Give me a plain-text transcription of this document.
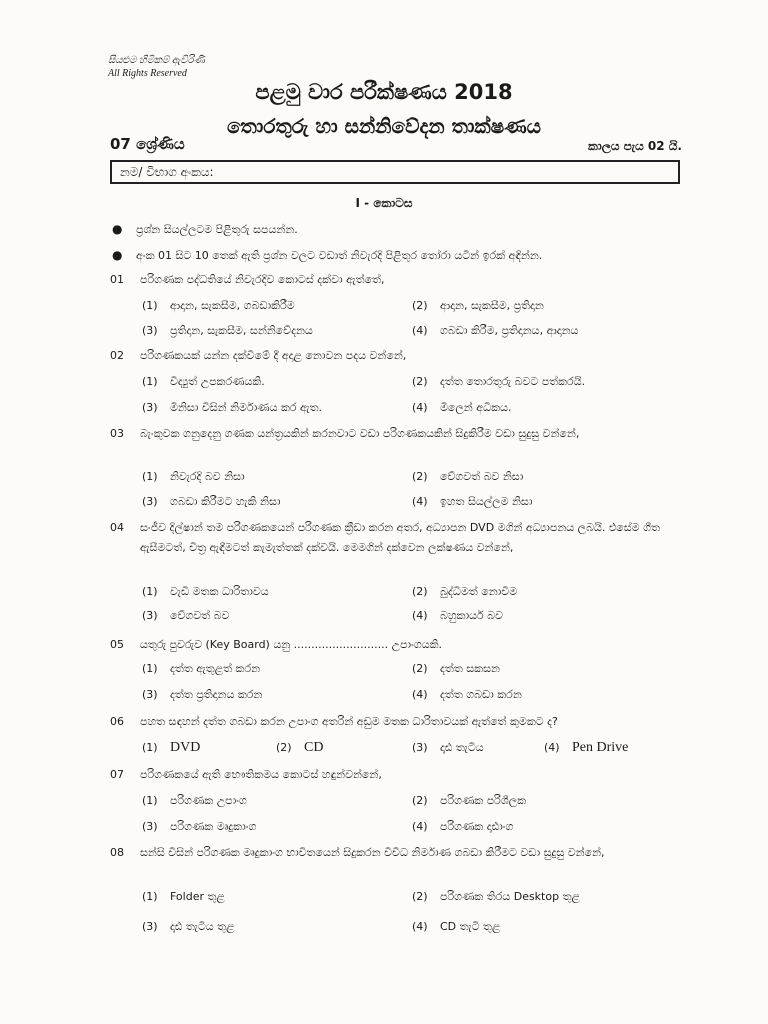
සියළුම හිමිකම් ඇවිරිණි
All Rights Reserved
පළමු වාර පරීක්ෂණය 2018
තොරතුරු හා සන්නිවේදන තාක්ෂණය
07 ශ්‍රේණිය	කාලය පැය 02 යි.
නම/ විභාග අංකය:
I - කොටස
● ප්‍රශ්න සියල්ලටම පිළිතුරු සපයන්න.
● අංක 01 සිට 10 තෙක් ඇති ප්‍රශ්න වලට වඩාත් නිවැරදි පිළිතුර තෝරා යටින් ඉරක් අඳින්න.
01	පරිගණක පද්ධතියේ නිවැරදිව කොටස් දක්වා ඇත්තේ,
(1) ආදාන, සැකසීම, ගබඩාකිරීම	(2) ආදාන, සැකසීම, ප්‍රතිදාන
(3) ප්‍රතිදාන, සැකසීම, සන්නිවේදනය	(4) ගබඩා කිරීම, ප්‍රතිදානය, ආදානය
02	පරිගණකයක් යන්න දක්වීමේ දී අදාළ නොවන පදය වන්නේ,
(1) විද්‍යුත් උපකරණයකි.	(2) දත්ත තොරතුරු බවට පත්කරයි.
(3) මිනිසා විසින් නිර්මාණය කර ඇත.	(4) මිලෙන් අධිකය.
03	බැංකුවක ගනුදෙනු ගණක යන්ත්‍රයකින් කරනවාට වඩා පරිගණකයකින් සිදුකිරීම වඩා සුදුසු වන්නේ,
(1) නිවැරදි බව නිසා	(2) වේගවත් බව නිසා
(3) ගබඩා කිරීමට හැකි නිසා	(4) ඉහත සියල්ලම නිසා
04	සංජීව දිල්ෂාන් තම පරිගණකයෙන් පරිගණක ක්‍රීඩා කරන අතර, අධ්‍යාපන DVD මගින් අධ්‍යාපනය ලබයි. එසේම ගීත ඇසීමටත්, චිත්‍ර ඇඳීමටත් කැමැත්තක් දක්වයි. මෙමගින් දක්වෙන ලක්ෂණය වන්නේ,
(1) වැඩි මතක ධාරිතාවය	(2) බුද්ධිමත් නොවීම
(3) වේගවත් බව	(4) බහුකාර්ය බව
05	යතුරු පුවරුව (Key Board) යනු ........................... උපාංගයකි.
(1) දත්ත ඇතුළත් කරන	(2) දත්ත සකසන
(3) දත්ත ප්‍රතිදානය කරන	(4) දත්ත ගබඩා කරන
06	පහත සඳහන් දත්ත ගබඩා කරන උපාංග අතරින් අඩුම මතක ධාරිතාවයක් ඇත්තේ කුමකට ද?
(1) DVD	(2) CD	(3) දෘඪ තැටිය	(4) Pen Drive
07	පරිගණකයේ ඇති භෞතිකමය කොටස් හඳුන්වන්නේ,
(1) පරිගණක උපාංග	(2) පරිගණක පරිශීලක
(3) පරිගණක මෘදුකාංග	(4) පරිගණක දෘඪාංග
08	සන්සි විසින් පරිගණක මෘදුකාංග භාවිතයෙන් සිදුකරන විවිධ නිර්මාණ ගබඩා කිරීමට වඩා සුදුසු වන්නේ,
(1) Folder තුළ	(2) පරිගණක තිරය Desktop තුළ
(3) දෘඪ තැටිය තුළ	(4) CD තැටි තුළ
